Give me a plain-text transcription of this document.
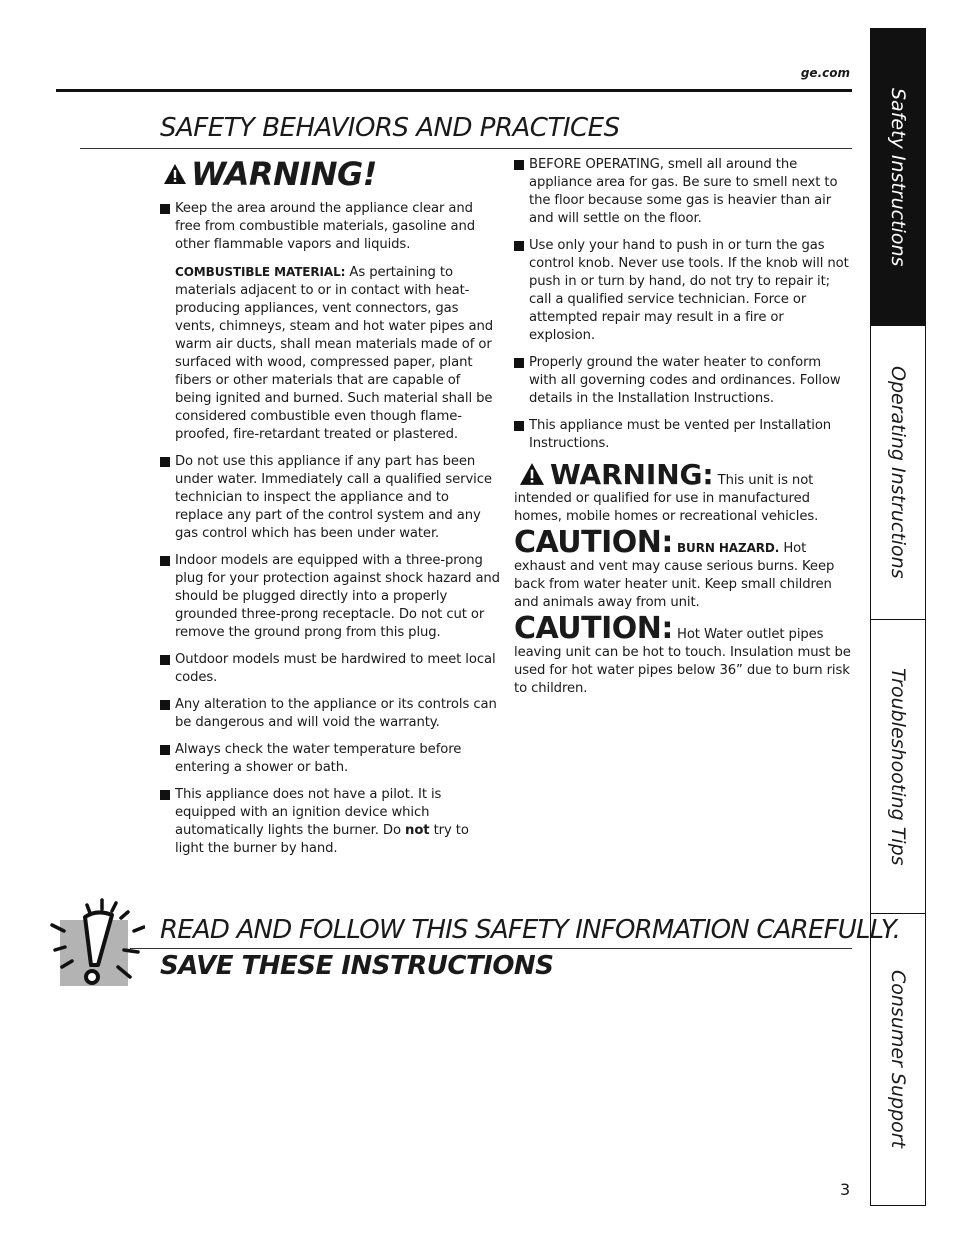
ge.com
SAFETY BEHAVIORS AND PRACTICES
WARNING!
Keep the area around the appliance clear and free from combustible materials, gasoline and other flammable vapors and liquids.
COMBUSTIBLE MATERIAL: As pertaining to materials adjacent to or in contact with heat-producing appliances, vent connectors, gas vents, chimneys, steam and hot water pipes and warm air ducts, shall mean materials made of or surfaced with wood, compressed paper, plant fibers or other materials that are capable of being ignited and burned. Such material shall be considered combustible even though flame-proofed, fire-retardant treated or plastered.
Do not use this appliance if any part has been under water. Immediately call a qualified service technician to inspect the appliance and to replace any part of the control system and any gas control which has been under water.
Indoor models are equipped with a three-prong plug for your protection against shock hazard and should be plugged directly into a properly grounded three-prong receptacle. Do not cut or remove the ground prong from this plug.
Outdoor models must be hardwired to meet local codes.
Any alteration to the appliance or its controls can be dangerous and will void the warranty.
Always check the water temperature before entering a shower or bath.
This appliance does not have a pilot. It is equipped with an ignition device which automatically lights the burner. Do not try to light the burner by hand.
BEFORE OPERATING, smell all around the appliance area for gas. Be sure to smell next to the floor because some gas is heavier than air and will settle on the floor.
Use only your hand to push in or turn the gas control knob. Never use tools. If the knob will not push in or turn by hand, do not try to repair it; call a qualified service technician. Force or attempted repair may result in a fire or explosion.
Properly ground the water heater to conform with all governing codes and ordinances. Follow details in the Installation Instructions.
This appliance must be vented per Installation Instructions.
WARNING: This unit is not intended or qualified for use in manufactured homes, mobile homes or recreational vehicles.
CAUTION: BURN HAZARD. Hot exhaust and vent may cause serious burns. Keep back from water heater unit. Keep small children and animals away from unit.
CAUTION: Hot Water outlet pipes leaving unit can be hot to touch. Insulation must be used for hot water pipes below 36” due to burn risk to children.
READ AND FOLLOW THIS SAFETY INFORMATION CAREFULLY.
SAVE THESE INSTRUCTIONS
3
Safety Instructions
Operating Instructions
Troubleshooting Tips
Consumer Support
